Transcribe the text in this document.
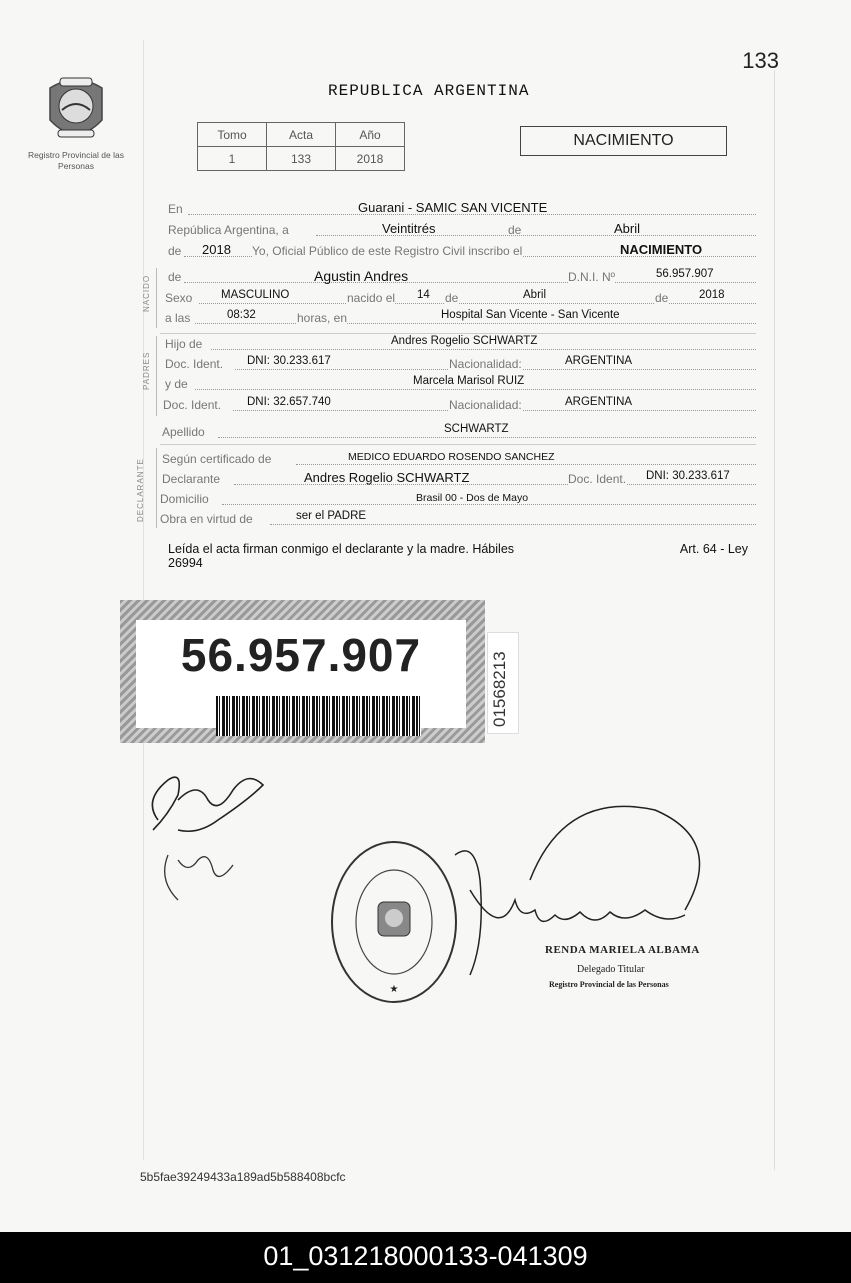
133
Registro Provincial de las Personas
REPUBLICA ARGENTINA
Tomo	Acta	Año
1	133	2018
NACIMIENTO
NACIDO
PADRES
DECLARANTE
En	Guarani - SAMIC SAN VICENTE
República Argentina, a	Veintitrés	de	Abril
de 2018 Yo, Oficial Público de este Registro Civil inscribo el	NACIMIENTO
de	Agustin Andres	D.N.I. Nº	56.957.907
Sexo MASCULINO	nacido el 14 de	Abril	de	2018
a las	08:32	horas, en	Hospital San Vicente - San Vicente
Hijo de	Andres Rogelio SCHWARTZ
Doc. Ident. DNI: 30.233.617	Nacionalidad:	ARGENTINA
y de	Marcela Marisol RUIZ
Doc. Ident. DNI: 32.657.740	Nacionalidad:	ARGENTINA
Apellido	SCHWARTZ
Según certificado de	MEDICO EDUARDO ROSENDO SANCHEZ
Declarante	Andres Rogelio SCHWARTZ	Doc. Ident. DNI: 30.233.617
Domicilio	Brasil 00 - Dos de Mayo
Obra en virtud de	ser el PADRE
Leída el acta firman conmigo el declarante y la madre. Hábiles	Art. 64 - Ley
26994
56.957.907	01568213
★
RENDA MARIELA ALBAMA
Delegado Titular
Registro Provincial de las Personas
5b5fae39249433a189ad5b588408bcfc
01_031218000133-041309
